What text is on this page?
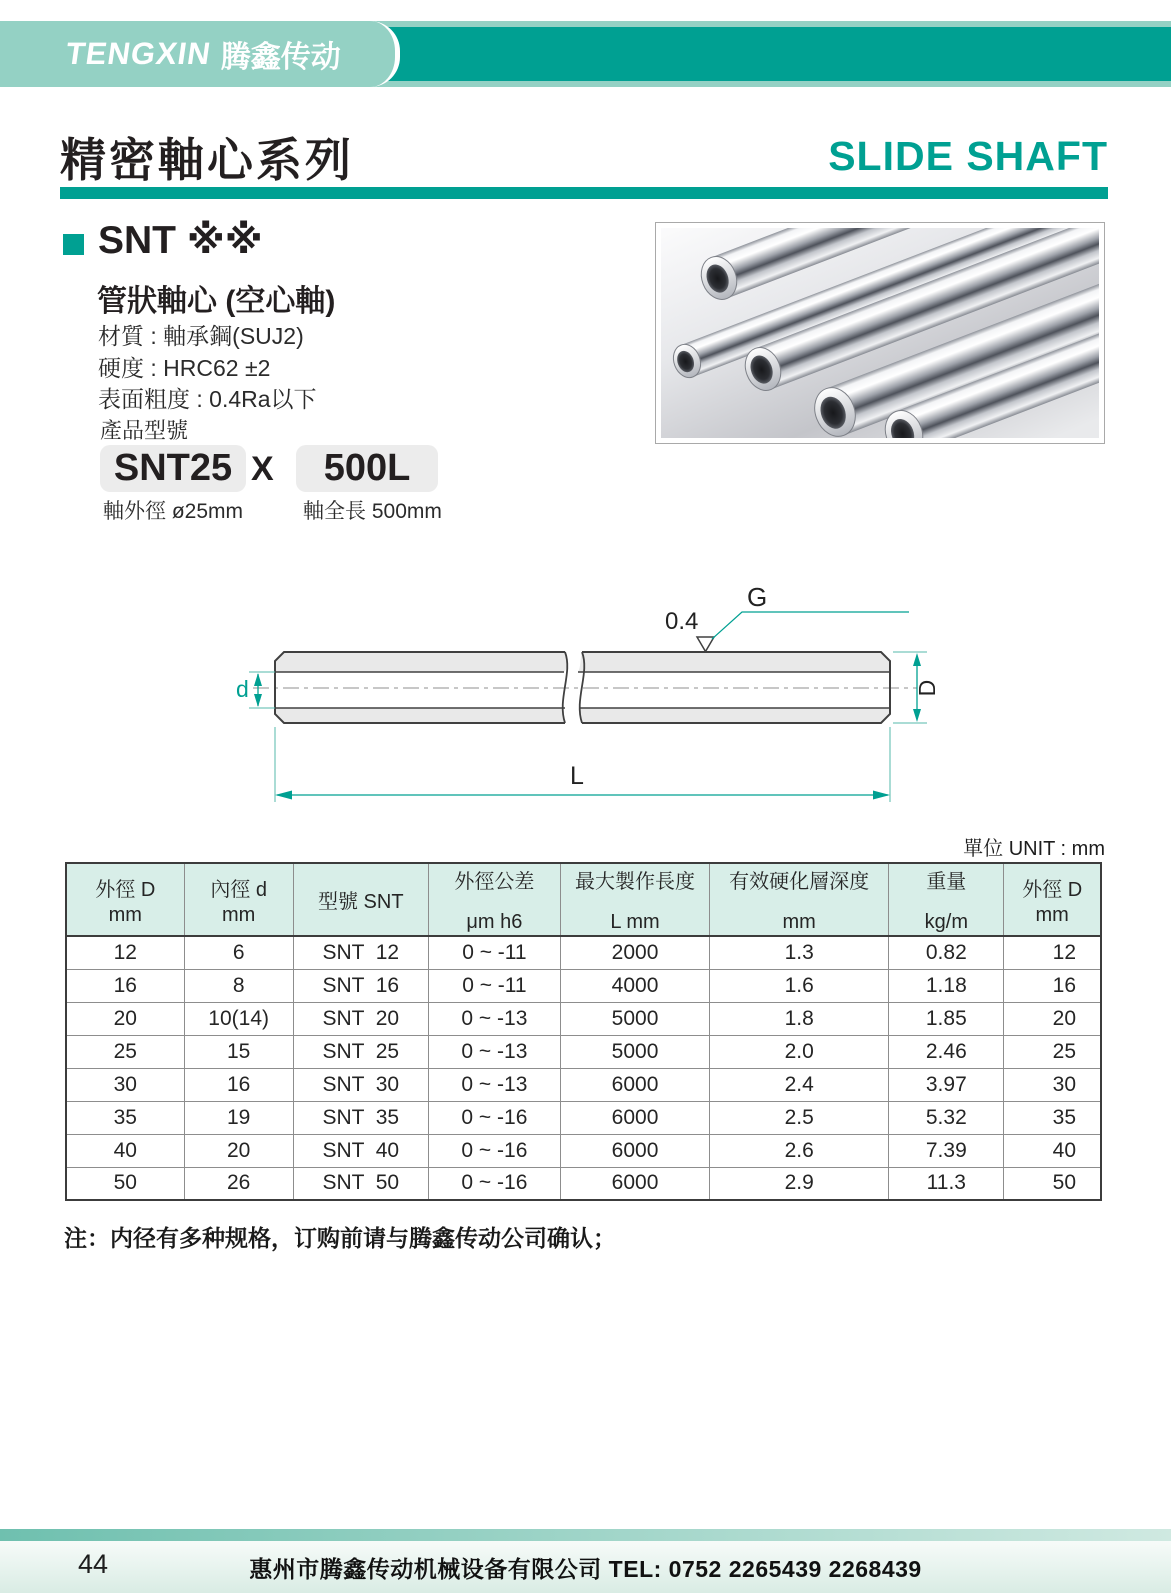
TENGXIN 腾鑫传动
精密軸心系列	SLIDE SHAFT
SNT ※※
管狀軸心 (空心軸)
材質 : 軸承鋼(SUJ2)
硬度 : HRC62 ±2
表面粗度 : 0.4Ra以下
產品型號
SNT25 X	500L
軸外徑 ø25mm	軸全長 500mm
d
0.4
G
D
L
單位 UNIT : mm
外徑 D
mm

內徑 d
mm

型號 SNT

外徑公差
μm h6

最大製作長度
L mm

有效硬化層深度
mm

重量
kg/m

外徑 D
mm

12	6	SNT  12	0 ~ -11	2000	1.3	0.82	12
16	8	SNT  16	0 ~ -11	4000	1.6	1.18	16
20	10(14)	SNT  20	0 ~ -13	5000	1.8	1.85	20
25	15	SNT  25	0 ~ -13	5000	2.0	2.46	25
30	16	SNT  30	0 ~ -13	6000	2.4	3.97	30
35	19	SNT  35	0 ~ -16	6000	2.5	5.32	35
40	20	SNT  40	0 ~ -16	6000	2.6	7.39	40
50	26	SNT  50	0 ~ -16	6000	2.9	11.3	50
注：内径有多种规格，订购前请与腾鑫传动公司确认；
44	惠州市腾鑫传动机械设备有限公司 TEL: 0752 2265439 2268439
